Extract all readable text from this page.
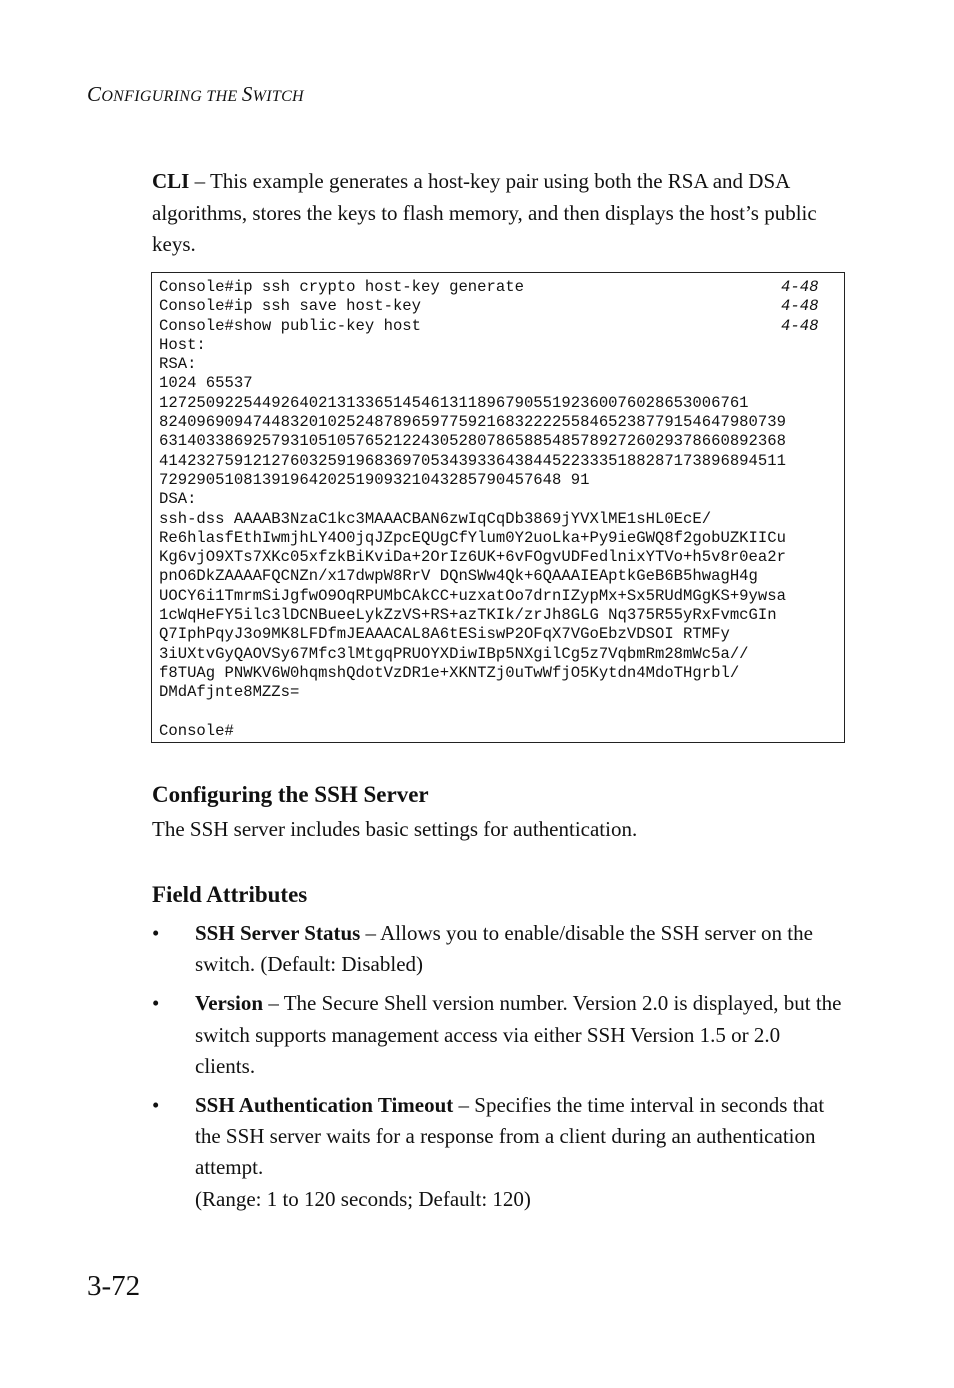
CONFIGURING THE SWITCH

CLI – This example generates a host-key pair using both the RSA and DSA algorithms, stores the keys to flash memory, and then displays the host’s public keys.

Console#ip ssh crypto host-key generate	4-48
Console#ip ssh save host-key	4-48
Console#show public-key host	4-48
Host:
RSA:
1024 65537
127250922544926402131336514546131189679055192360076028653006761
8240969094744832010252487896597759216832222558465238779154647980739
6314033869257931051057652122430528078658854857892726029378660892368
4142327591212760325919683697053439336438445223335188287173896894511
7292905108139196420251909321043285790457648 91
DSA:
ssh-dss AAAAB3NzaC1kc3MAAACBAN6zwIqCqDb3869jYVXlME1sHL0EcE/
Re6hlasfEthIwmjhLY4O0jqJZpcEQUgCfYlum0Y2uoLka+Py9ieGWQ8f2gobUZKIICu
Kg6vjO9XTs7XKc05xfzkBiKviDa+2OrIz6UK+6vFOgvUDFedlnixYTVo+h5v8r0ea2r
pnO6DkZAAAAFQCNZn/x17dwpW8RrV DQnSWw4Qk+6QAAAIEAptkGeB6B5hwagH4g
UOCY6i1TmrmSiJgfwO9OqRPUMbCAkCC+uzxatOo7drnIZypMx+Sx5RUdMGgKS+9ywsa
1cWqHeFY5ilc3lDCNBueeLykZzVS+RS+azTKIk/zrJh8GLG Nq375R55yRxFvmcGIn
Q7IphPqyJ3o9MK8LFDfmJEAAACAL8A6tESiswP2OFqX7VGoEbzVDSOI RTMFy
3iUXtvGyQAOVSy67Mfc3lMtgqPRUOYXDiwIBp5NXgilCg5z7VqbmRm28mWc5a//
f8TUAg PNWKV6W0hqmshQdotVzDR1e+XKNTZj0uTwWfjO5Kytdn4MdoTHgrbl/
DMdAfjnte8MZZs=
Console#
Configuring the SSH Server

The SSH server includes basic settings for authentication.

Field Attributes
• SSH Server Status – Allows you to enable/disable the SSH server on the switch. (Default: Disabled)
• Version – The Secure Shell version number. Version 2.0 is displayed, but the switch supports management access via either SSH Version 1.5 or 2.0 clients.
• SSH Authentication Timeout – Specifies the time interval in seconds that the SSH server waits for a response from a client during an authentication attempt.
(Range: 1 to 120 seconds; Default: 120)
3-72
